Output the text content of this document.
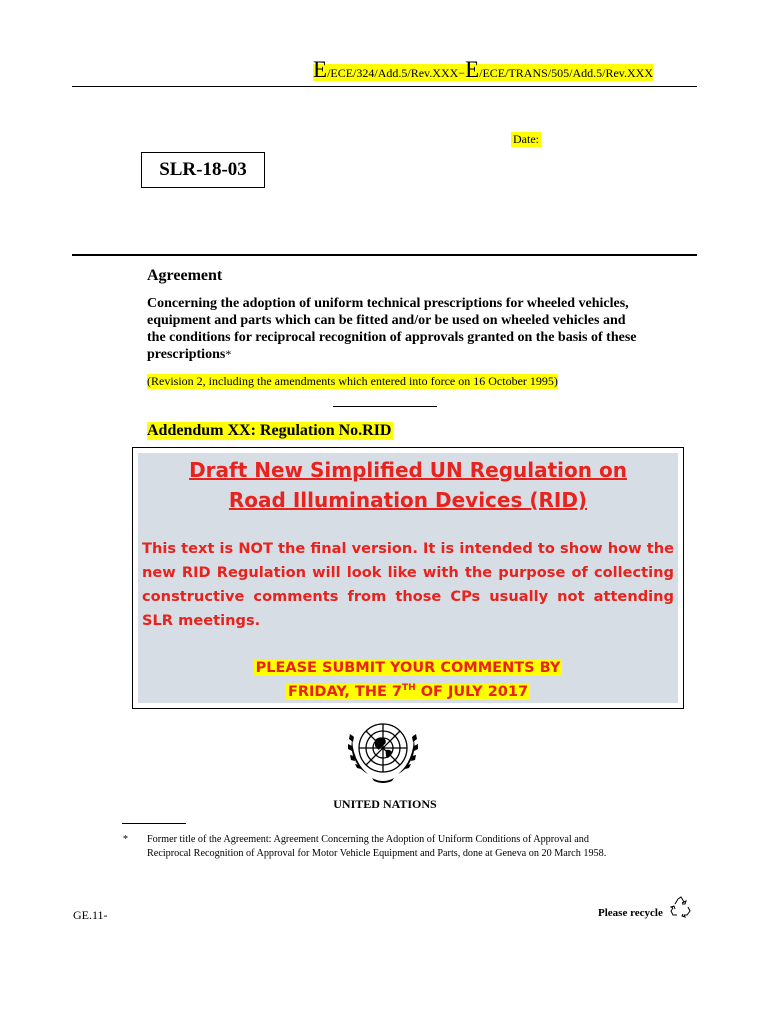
E/ECE/324/Add.5/Rev.XXX−E/ECE/TRANS/505/Add.5/Rev.XXX
Date:
SLR-18-03
Agreement
Concerning the adoption of uniform technical prescriptions for wheeled vehicles, equipment and parts which can be fitted and/or be used on wheeled vehicles and the conditions for reciprocal recognition of approvals granted on the basis of these prescriptions*
(Revision 2, including the amendments which entered into force on 16 October 1995)
Addendum XX: Regulation No.RID
Draft New Simplified UN Regulation on
Road Illumination Devices (RID)
This text is NOT the final version. It is intended to show how the new RID Regulation will look like with the purpose of collecting constructive comments from those CPs usually not attending SLR meetings.
PLEASE SUBMIT YOUR COMMENTS BY
FRIDAY, THE 7TH OF JULY 2017
UNITED NATIONS
* Former title of the Agreement: Agreement Concerning the Adoption of Uniform Conditions of Approval and Reciprocal Recognition of Approval for Motor Vehicle Equipment and Parts, done at Geneva on 20 March 1958.
GE.11-	Please recycle
